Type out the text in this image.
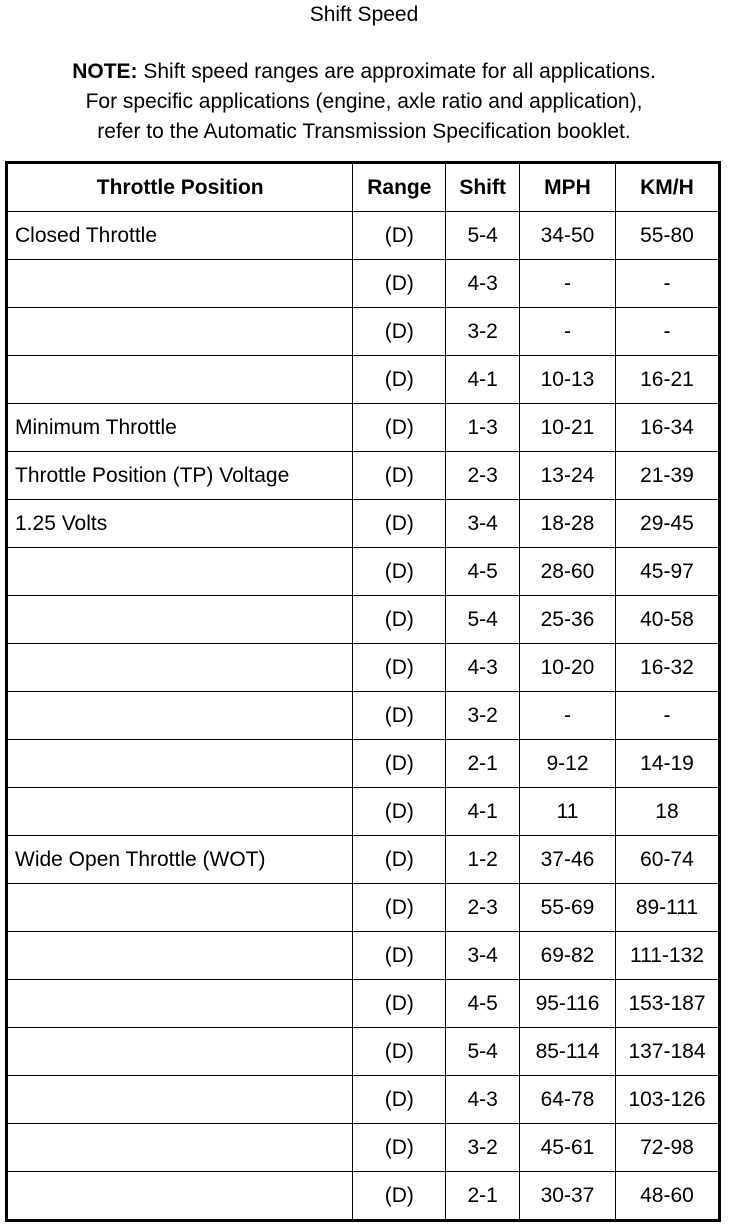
Shift Speed
NOTE: Shift speed ranges are approximate for all applications.
For specific applications (engine, axle ratio and application),
refer to the Automatic Transmission Specification booklet.
Throttle Position	Range	Shift	MPH	KM/H
Closed Throttle	(D)	5-4	34-50	55-80
	(D)	4-3	-	-
	(D)	3-2	-	-
	(D)	4-1	10-13	16-21
Minimum Throttle	(D)	1-3	10-21	16-34
Throttle Position (TP) Voltage	(D)	2-3	13-24	21-39
1.25 Volts	(D)	3-4	18-28	29-45
	(D)	4-5	28-60	45-97
	(D)	5-4	25-36	40-58
	(D)	4-3	10-20	16-32
	(D)	3-2	-	-
	(D)	2-1	9-12	14-19
	(D)	4-1	11	18
Wide Open Throttle (WOT)	(D)	1-2	37-46	60-74
	(D)	2-3	55-69	89-111
	(D)	3-4	69-82	111-132
	(D)	4-5	95-116	153-187
	(D)	5-4	85-114	137-184
	(D)	4-3	64-78	103-126
	(D)	3-2	45-61	72-98
	(D)	2-1	30-37	48-60
